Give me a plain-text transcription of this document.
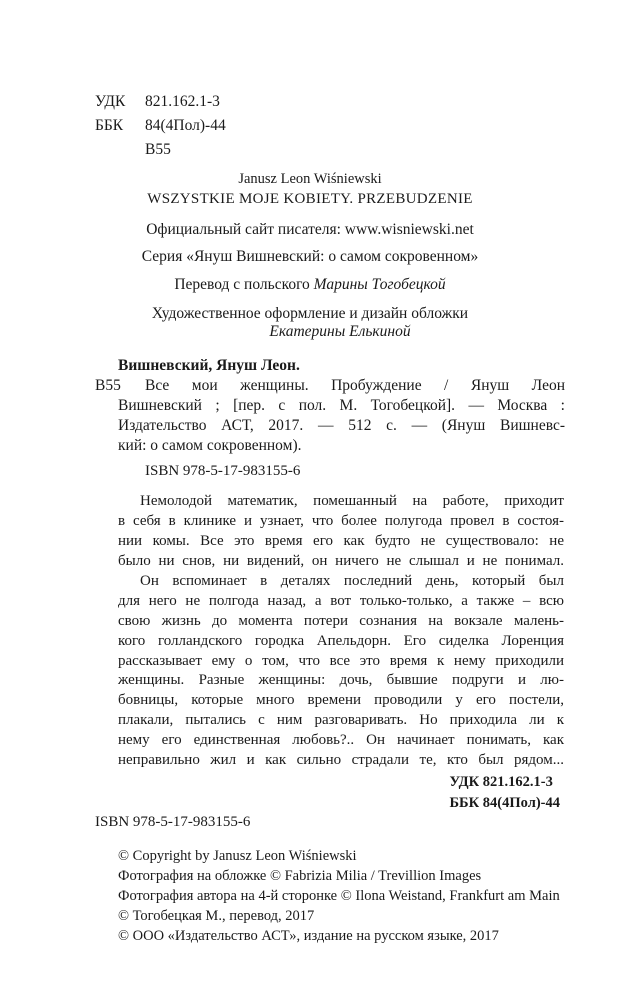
УДК 821.162.1-3
ББК 84(4Пол)-44
В55
Janusz Leon Wiśniewski
WSZYSTKIE MOJE KOBIETY. PRZEBUDZENIE
Официальный сайт писателя: www.wisniewski.net
Серия «Януш Вишневский: о самом сокровенном»
Перевод с польского Марины Тогобецкой
Художественное оформление и дизайн обложки
Екатерины Елькиной
Вишневский, Януш Леон.
В55 Все мои женщины. Пробуждение / Януш Леон
Вишневский ; [пер. с пол. М. Тогобецкой]. — Москва :
Издательство АСТ, 2017. — 512 с. — (Януш Вишневс-
кий: о самом сокровенном).
ISBN 978-5-17-983155-6
Немолодой математик, помешанный на работе, приходит
в себя в клинике и узнает, что более полугода провел в состоя-
нии комы. Все это время его как будто не существовало: не
было ни снов, ни видений, он ничего не слышал и не понимал.
Он вспоминает в деталях последний день, который был
для него не полгода назад, а вот только-только, а также – всю
свою жизнь до момента потери сознания на вокзале малень-
кого голландского городка Апельдорн. Его сиделка Лоренция
рассказывает ему о том, что все это время к нему приходили
женщины. Разные женщины: дочь, бывшие подруги и лю-
бовницы, которые много времени проводили у его постели,
плакали, пытались с ним разговаривать. Но приходила ли к
нему его единственная любовь?.. Он начинает понимать, как
неправильно жил и как сильно страдали те, кто был рядом...
УДК 821.162.1-3
ББК 84(4Пол)-44
ISBN 978-5-17-983155-6
© Copyright by Janusz Leon Wiśniewski
Фотография на обложке © Fabrizia Milia / Trevillion Images
Фотография автора на 4-й сторонке © Ilona Weistand, Frankfurt am Main
© Тогобецкая М., перевод, 2017
© ООО «Издательство АСТ», издание на русском языке, 2017
